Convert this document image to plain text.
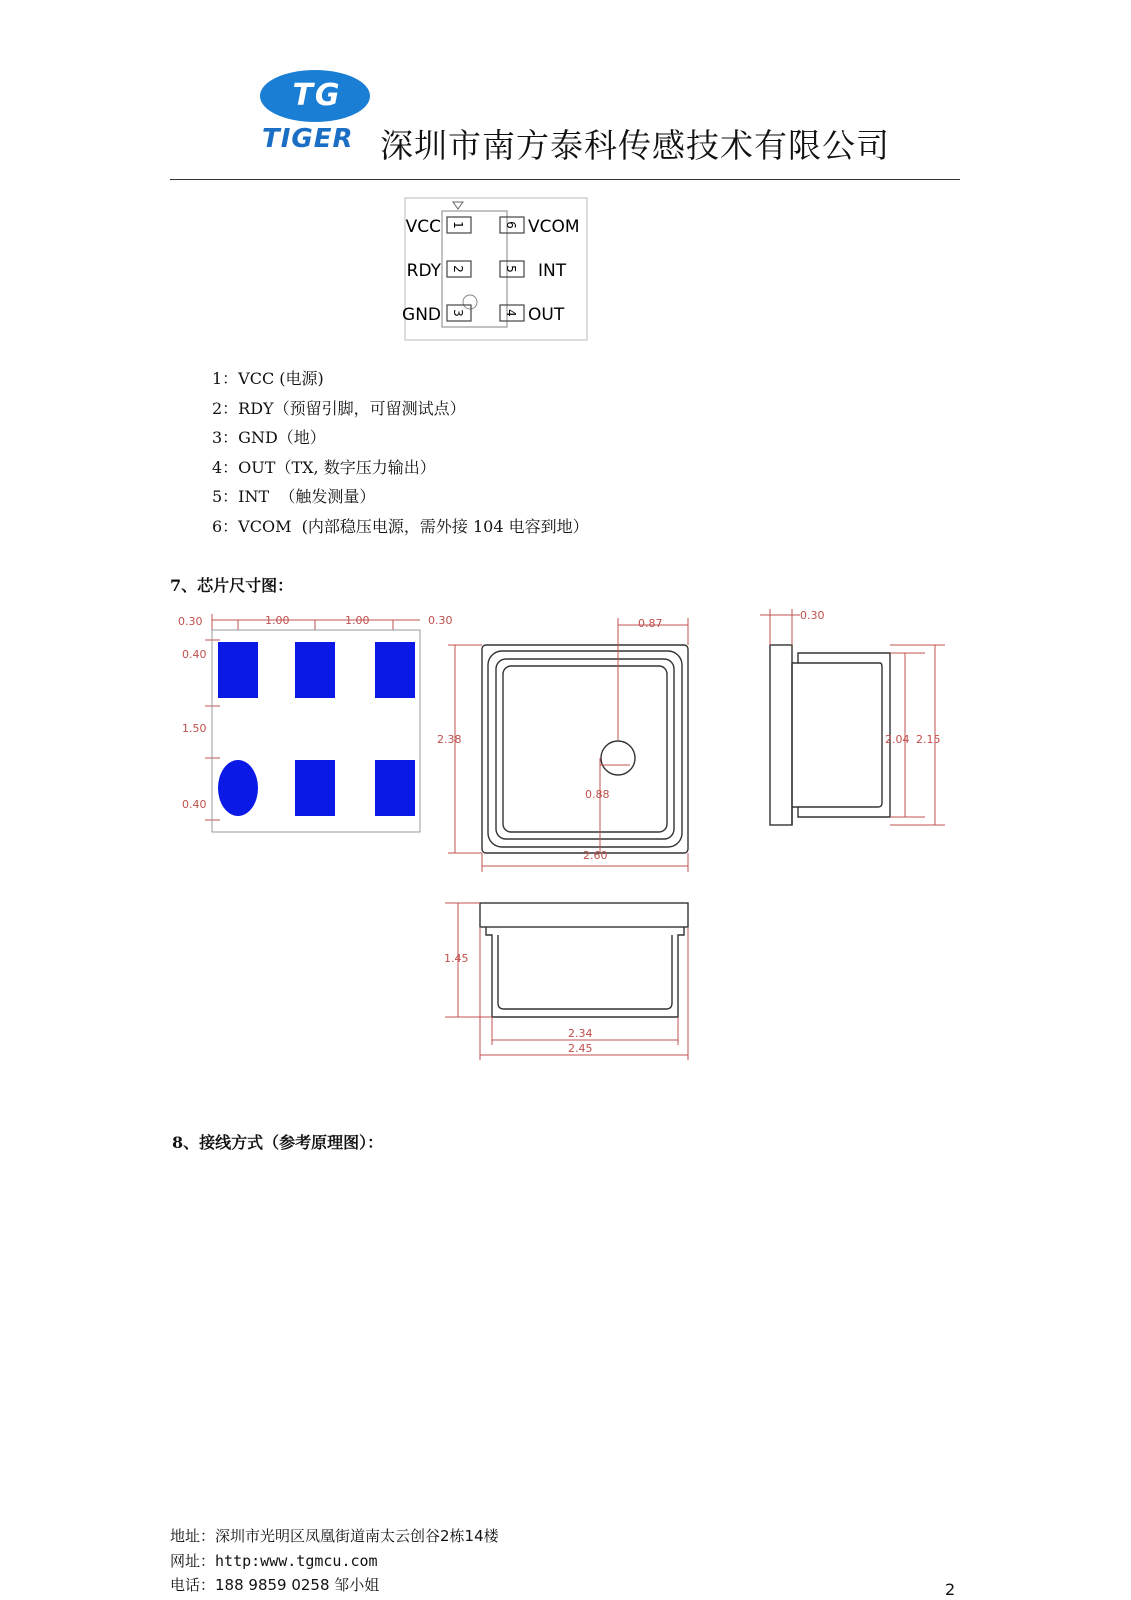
TG
TIGER 深圳市南方泰科传感技术有限公司
1
2
3
6
5
4
VCC
RDY
GND
VCOM
INT
OUT
1：VCC (电源)
2：RDY（预留引脚，可留测试点）
3：GND（地）
4：OUT（TX, 数字压力输出）
5：INT  （触发测量）
6：VCOM  (内部稳压电源，需外接 104 电容到地）
7、芯片尺寸图：
0.30	1.00	1.00	0.30
0.40
1.50
0.40
2.38
2.60
0.87
0.88
0.30
2.04 2.15
1.45
2.34
2.45
8、接线方式（参考原理图）：
地址：深圳市光明区凤凰街道南太云创谷2栋14楼
网址：http:www.tgmcu.com
电话：188 9859 0258 邹小姐	2
